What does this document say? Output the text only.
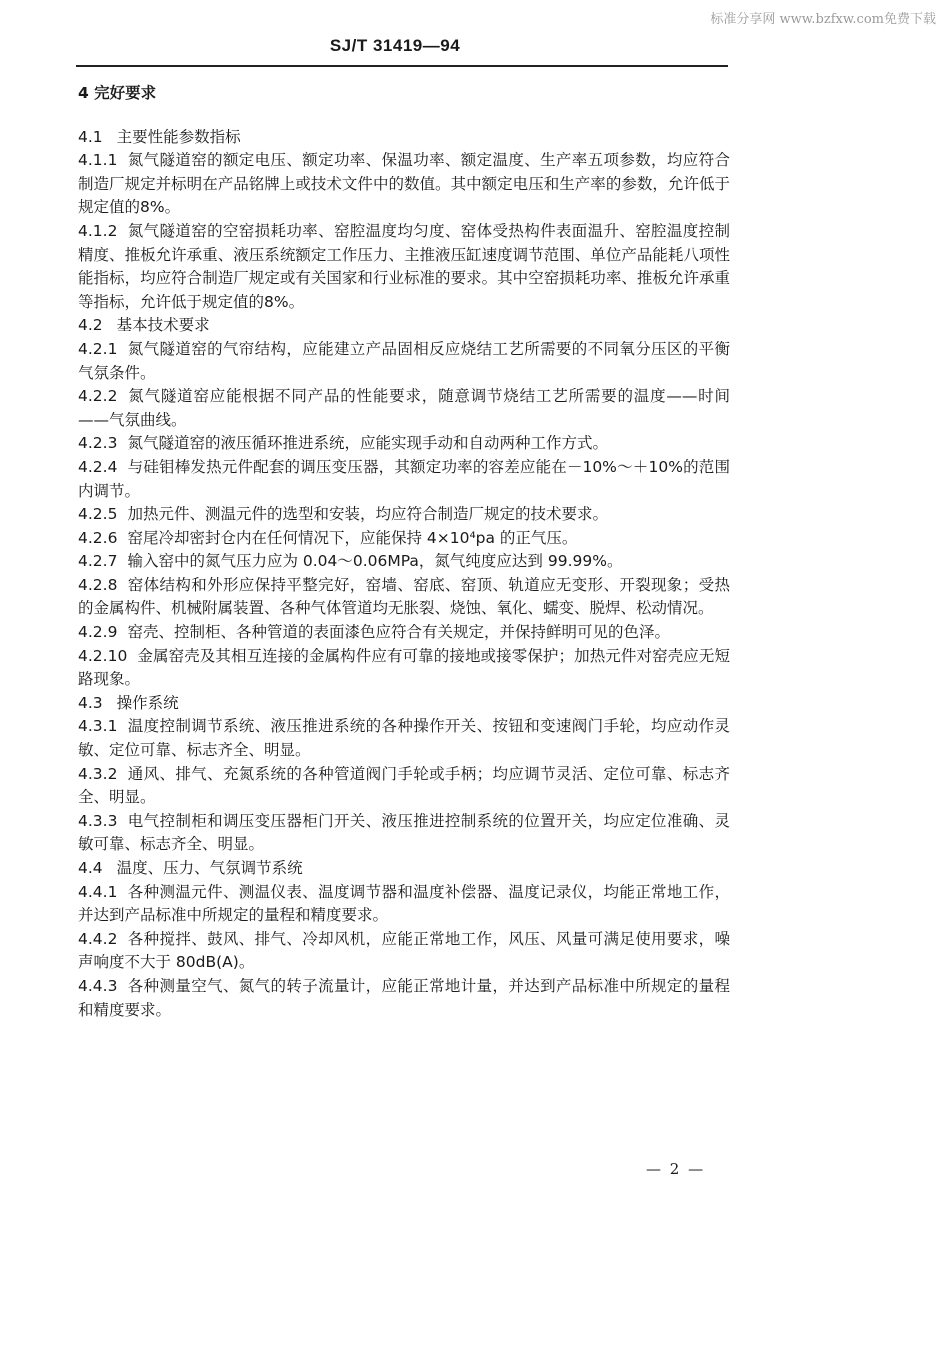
标准分享网 www.bzfxw.com免费下载
SJ/T 31419—94
4 完好要求

4.1 主要性能参数指标

4.1.1 氮气隧道窑的额定电压、额定功率、保温功率、额定温度、生产率五项参数，均应符合制造厂规定并标明在产品铭牌上或技术文件中的数值。其中额定电压和生产率的参数，允许低于规定值的8%。

4.1.2 氮气隧道窑的空窑损耗功率、窑腔温度均匀度、窑体受热构件表面温升、窑腔温度控制精度、推板允许承重、液压系统额定工作压力、主推液压缸速度调节范围、单位产品能耗八项性能指标，均应符合制造厂规定或有关国家和行业标准的要求。其中空窑损耗功率、推板允许承重等指标，允许低于规定值的8%。

4.2 基本技术要求

4.2.1 氮气隧道窑的气帘结构，应能建立产品固相反应烧结工艺所需要的不同氧分压区的平衡气氛条件。

4.2.2 氮气隧道窑应能根据不同产品的性能要求，随意调节烧结工艺所需要的温度——时间——气氛曲线。

4.2.3 氮气隧道窑的液压循环推进系统，应能实现手动和自动两种工作方式。

4.2.4 与硅钼棒发热元件配套的调压变压器，其额定功率的容差应能在－10%～＋10%的范围内调节。

4.2.5 加热元件、测温元件的选型和安装，均应符合制造厂规定的技术要求。

4.2.6 窑尾冷却密封仓内在任何情况下，应能保持 4×10⁴pa 的正气压。

4.2.7 输入窑中的氮气压力应为 0.04～0.06MPa，氮气纯度应达到 99.99%。

4.2.8 窑体结构和外形应保持平整完好，窑墙、窑底、窑顶、轨道应无变形、开裂现象；受热的金属构件、机械附属装置、各种气体管道均无胀裂、烧蚀、氧化、蠕变、脱焊、松动情况。

4.2.9 窑壳、控制柜、各种管道的表面漆色应符合有关规定，并保持鲜明可见的色泽。

4.2.10 金属窑壳及其相互连接的金属构件应有可靠的接地或接零保护；加热元件对窑壳应无短路现象。

4.3 操作系统

4.3.1 温度控制调节系统、液压推进系统的各种操作开关、按钮和变速阀门手轮，均应动作灵敏、定位可靠、标志齐全、明显。

4.3.2 通风、排气、充氮系统的各种管道阀门手轮或手柄；均应调节灵活、定位可靠、标志齐全、明显。

4.3.3 电气控制柜和调压变压器柜门开关、液压推进控制系统的位置开关，均应定位准确、灵敏可靠、标志齐全、明显。

4.4 温度、压力、气氛调节系统

4.4.1 各种测温元件、测温仪表、温度调节器和温度补偿器、温度记录仪，均能正常地工作，并达到产品标准中所规定的量程和精度要求。

4.4.2 各种搅拌、鼓风、排气、冷却风机，应能正常地工作，风压、风量可满足使用要求，噪声响度不大于 80dB(A)。

4.4.3 各种测量空气、氮气的转子流量计，应能正常地计量，并达到产品标准中所规定的量程和精度要求。

— 2 —
